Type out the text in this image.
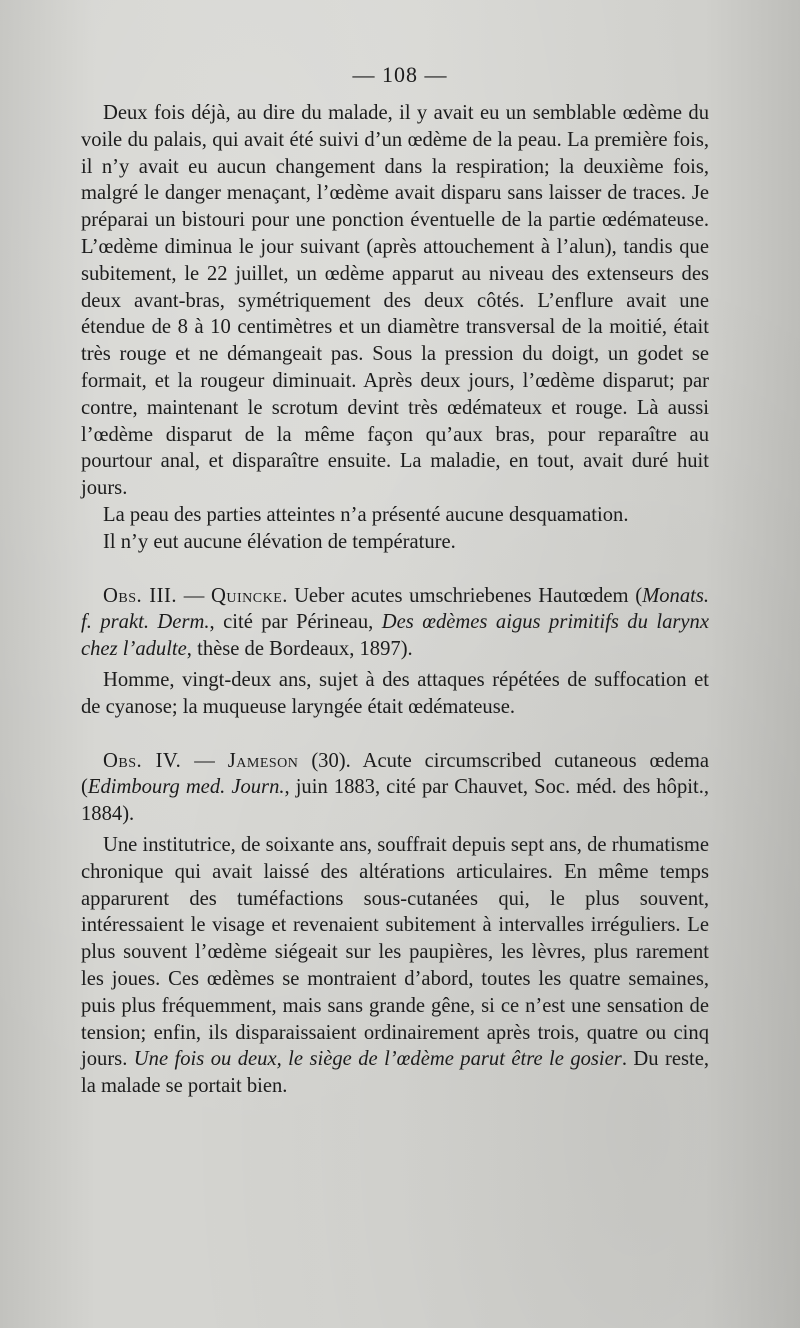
— 108 —

Deux fois déjà, au dire du malade, il y avait eu un semblable œdème du voile du palais, qui avait été suivi d’un œdème de la peau. La première fois, il n’y avait eu aucun changement dans la respiration; la deuxième fois, malgré le danger menaçant, l’œdème avait disparu sans laisser de traces. Je préparai un bistouri pour une ponction éventuelle de la partie œdémateuse. L’œdème diminua le jour suivant (après attouchement à l’alun), tandis que subitement, le 22 juillet, un œdème apparut au niveau des extenseurs des deux avant-bras, symétriquement des deux côtés. L’enflure avait une étendue de 8 à 10 centimètres et un diamètre transversal de la moitié, était très rouge et ne démangeait pas. Sous la pression du doigt, un godet se formait, et la rougeur diminuait. Après deux jours, l’œdème disparut; par contre, maintenant le scrotum devint très œdémateux et rouge. Là aussi l’œdème disparut de la même façon qu’aux bras, pour reparaître au pourtour anal, et disparaître ensuite. La maladie, en tout, avait duré huit jours.

La peau des parties atteintes n’a présenté aucune desquamation.

Il n’y eut aucune élévation de température.

Obs. III. — Quincke. Ueber acutes umschriebenes Hautœdem (Monats. f. prakt. Derm., cité par Périneau, Des œdèmes aigus primitifs du larynx chez l’adulte, thèse de Bordeaux, 1897).

Homme, vingt-deux ans, sujet à des attaques répétées de suffocation et de cyanose; la muqueuse laryngée était œdémateuse.

Obs. IV. — Jameson (30). Acute circumscribed cutaneous œdema (Edimbourg med. Journ., juin 1883, cité par Chauvet, Soc. méd. des hôpit., 1884).

Une institutrice, de soixante ans, souffrait depuis sept ans, de rhumatisme chronique qui avait laissé des altérations articulaires. En même temps apparurent des tuméfactions sous-cutanées qui, le plus souvent, intéressaient le visage et revenaient subitement à intervalles irréguliers. Le plus souvent l’œdème siégeait sur les paupières, les lèvres, plus rarement les joues. Ces œdèmes se montraient d’abord, toutes les quatre semaines, puis plus fréquemment, mais sans grande gêne, si ce n’est une sensation de tension; enfin, ils disparaissaient ordinairement après trois, quatre ou cinq jours. Une fois ou deux, le siège de l’œdème parut être le gosier. Du reste, la malade se portait bien.
